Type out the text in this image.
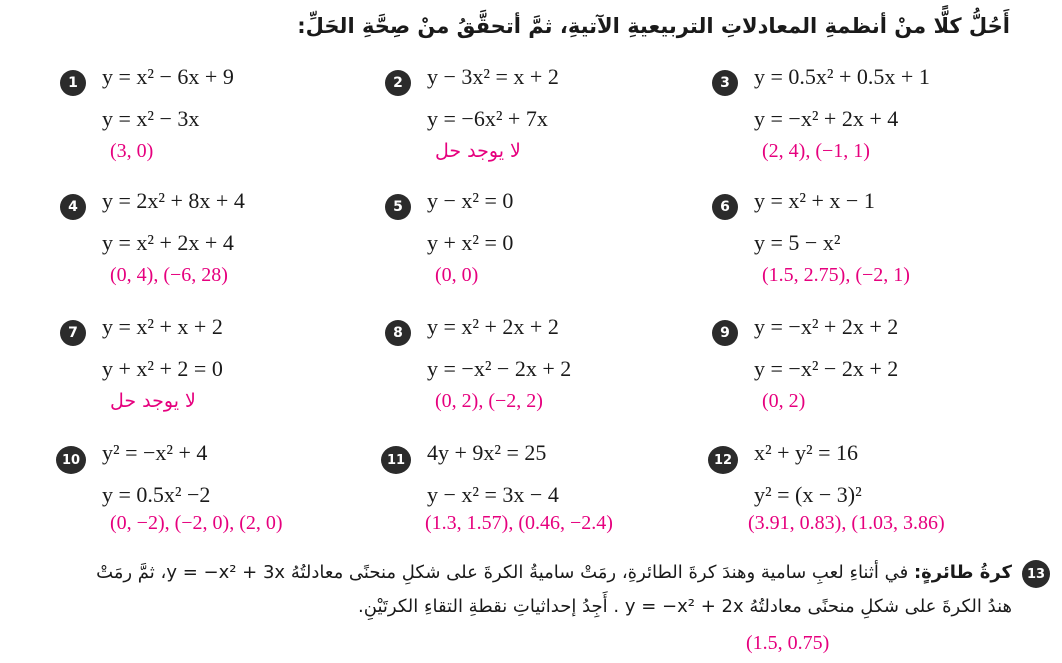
أَحُلُّ كلًّا منْ أنظمةِ المعادلاتِ التربيعيةِ الآتيةِ، ثمَّ أتحقَّقُ منْ صِحَّةِ الحَلِّ:
1	y = x² − 6x + 9
y = x² − 3x
(3, 0)
2	y − 3x² = x + 2
y = −6x² + 7x
لا يوجد حل
3	y = 0.5x² + 0.5x + 1
y = −x² + 2x + 4
(2, 4), (−1, 1)
4	y = 2x² + 8x + 4
y = x² + 2x + 4
(0, 4), (−6, 28)
5	y − x² = 0
y + x² = 0
(0, 0)
6	y = x² + x − 1
y = 5 − x²
(1.5, 2.75), (−2, 1)
7	y = x² + x + 2
y + x² + 2 = 0
لا يوجد حل
8	y = x² + 2x + 2
y = −x² − 2x + 2
(0, 2), (−2, 2)
9	y = −x² + 2x + 2
y = −x² − 2x + 2
(0, 2)
10 y² = −x² + 4
y = 0.5x² −2
(0, −2), (−2, 0), (2, 0)
11 4y + 9x² = 25
y − x² = 3x − 4
(1.3, 1.57), (0.46, −2.4)
12 x² + y² = 16
y² = (x − 3)²
(3.91, 0.83), (1.03, 3.86)
13
كرةُ طائرةٍ: في أثناءِ لعبِ سامية وهندَ كرةَ الطائرةِ، رمَتْ ساميةُ الكرةَ على شكلِ منحنًى معادلتُهُ y = −x² + 3x، ثمَّ رمَتْ
هندُ الكرةَ على شكلِ منحنًى معادلتُهُ y = −x² + 2x . أَجِدُ إحداثياتِ نقطةِ التقاءِ الكرتَيْنِ.
(1.5, 0.75)
